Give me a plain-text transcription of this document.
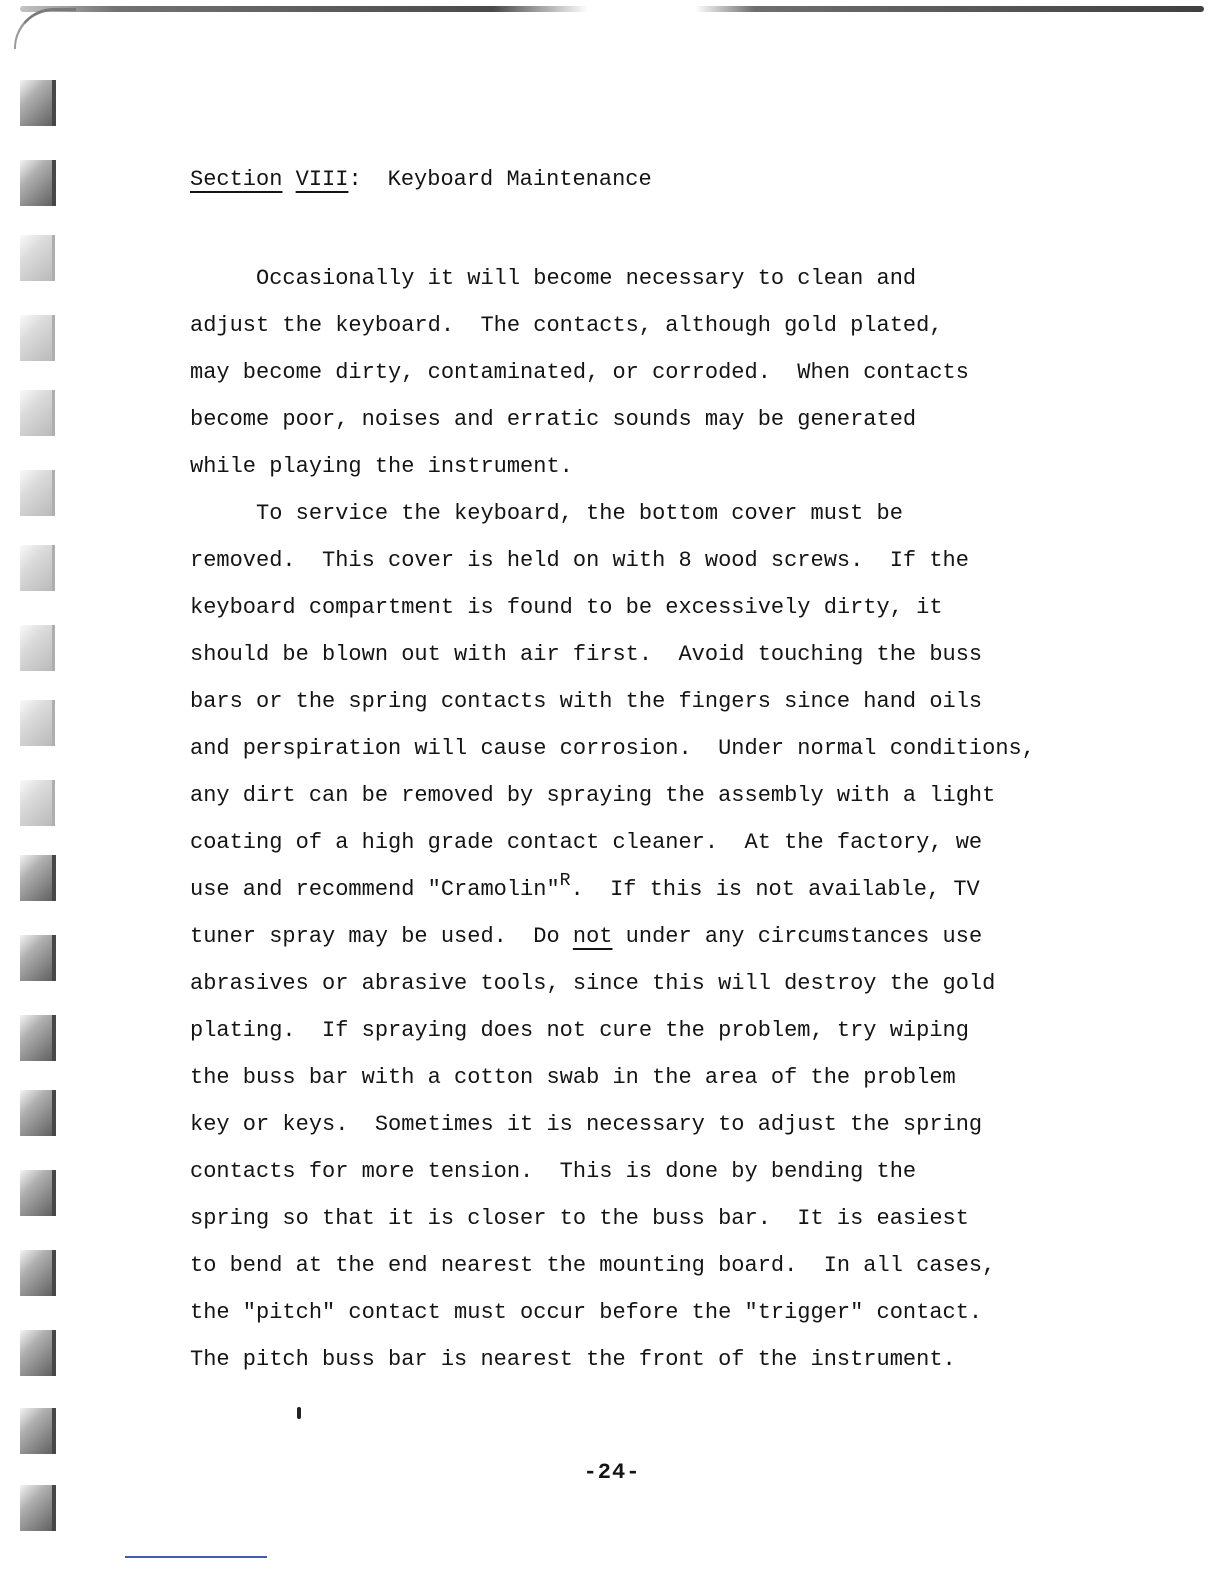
Section VIII: Keyboard Maintenance

Occasionally it will become necessary to clean and

adjust the keyboard.  The contacts, although gold plated,

may become dirty, contaminated, or corroded.  When contacts

become poor, noises and erratic sounds may be generated

while playing the instrument.

To service the keyboard, the bottom cover must be

removed.  This cover is held on with 8 wood screws.  If the

keyboard compartment is found to be excessively dirty, it

should be blown out with air first.  Avoid touching the buss

bars or the spring contacts with the fingers since hand oils

and perspiration will cause corrosion.  Under normal conditions,

any dirt can be removed by spraying the assembly with a light

coating of a high grade contact cleaner.  At the factory, we

use and recommend "Cramolin"$^R$.  If this is not available, TV

tuner spray may be used.  Do not under any circumstances use

abrasives or abrasive tools, since this will destroy the gold

plating.  If spraying does not cure the problem, try wiping

the buss bar with a cotton swab in the area of the problem

key or keys.  Sometimes it is necessary to adjust the spring

contacts for more tension.  This is done by bending the

spring so that it is closer to the buss bar.  It is easiest

to bend at the end nearest the mounting board.  In all cases,

the "pitch" contact must occur before the "trigger" contact.

The pitch buss bar is nearest the front of the instrument.

-24-
